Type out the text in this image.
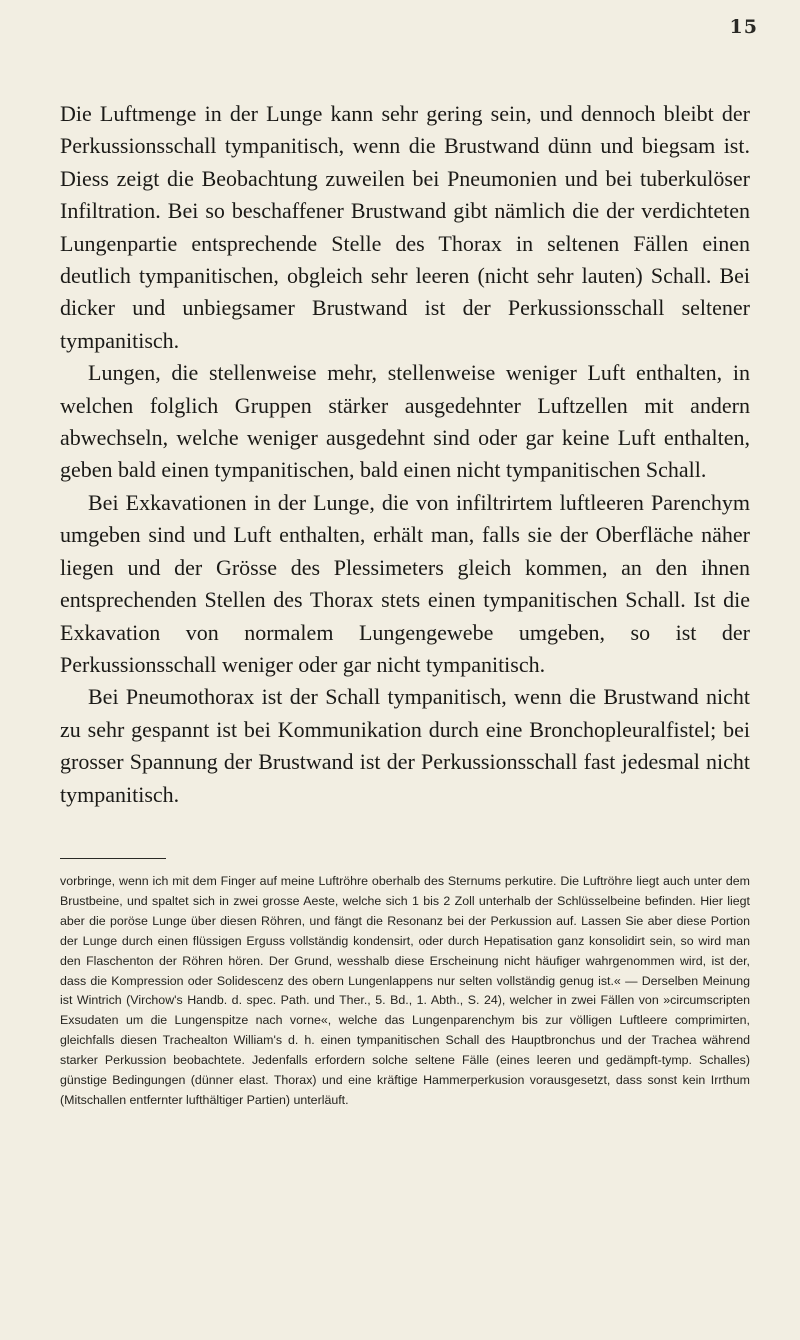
15

Die Luftmenge in der Lunge kann sehr gering sein, und dennoch bleibt der Perkussionsschall tympanitisch, wenn die Brustwand dünn und biegsam ist. Diess zeigt die Beobachtung zuweilen bei Pneumonien und bei tuberkulöser Infiltration. Bei so beschaffener Brustwand gibt nämlich die der verdichteten Lungenpartie entsprechende Stelle des Thorax in seltenen Fällen einen deutlich tympanitischen, obgleich sehr leeren (nicht sehr lauten) Schall. Bei dicker und unbiegsamer Brustwand ist der Perkussionsschall seltener tympanitisch.

Lungen, die stellenweise mehr, stellenweise weniger Luft enthalten, in welchen folglich Gruppen stärker ausgedehnter Luftzellen mit andern abwechseln, welche weniger ausgedehnt sind oder gar keine Luft enthalten, geben bald einen tympanitischen, bald einen nicht tympanitischen Schall.

Bei Exkavationen in der Lunge, die von infiltrirtem luftleeren Parenchym umgeben sind und Luft enthalten, erhält man, falls sie der Oberfläche näher liegen und der Grösse des Plessimeters gleich kommen, an den ihnen entsprechenden Stellen des Thorax stets einen tympanitischen Schall. Ist die Exkavation von normalem Lungengewebe umgeben, so ist der Perkussionsschall weniger oder gar nicht tympanitisch.

Bei Pneumothorax ist der Schall tympanitisch, wenn die Brustwand nicht zu sehr gespannt ist bei Kommunikation durch eine Bronchopleuralfistel; bei grosser Spannung der Brustwand ist der Perkussionsschall fast jedesmal nicht tympanitisch.

vorbringe, wenn ich mit dem Finger auf meine Luftröhre oberhalb des Sternums perkutire. Die Luftröhre liegt auch unter dem Brustbeine, und spaltet sich in zwei grosse Aeste, welche sich 1 bis 2 Zoll unterhalb der Schlüsselbeine befinden. Hier liegt aber die poröse Lunge über diesen Röhren, und fängt die Resonanz bei der Perkussion auf. Lassen Sie aber diese Portion der Lunge durch einen flüssigen Erguss vollständig kondensirt, oder durch Hepatisation ganz konsolidirt sein, so wird man den Flaschenton der Röhren hören. Der Grund, wesshalb diese Erscheinung nicht häufiger wahrgenommen wird, ist der, dass die Kompression oder Solidescenz des obern Lungenlappens nur selten vollständig genug ist.« — Derselben Meinung ist Wintrich (Virchow's Handb. d. spec. Path. und Ther., 5. Bd., 1. Abth., S. 24), welcher in zwei Fällen von »circumscripten Exsudaten um die Lungenspitze nach vorne«, welche das Lungenparenchym bis zur völligen Luftleere comprimirten, gleichfalls diesen Trachealton William's d. h. einen tympanitischen Schall des Hauptbronchus und der Trachea während starker Perkussion beobachtete. Jedenfalls erfordern solche seltene Fälle (eines leeren und gedämpft-tymp. Schalles) günstige Bedingungen (dünner elast. Thorax) und eine kräftige Hammerperkusion vorausgesetzt, dass sonst kein Irrthum (Mitschallen entfernter lufthältiger Partien) unterläuft.
